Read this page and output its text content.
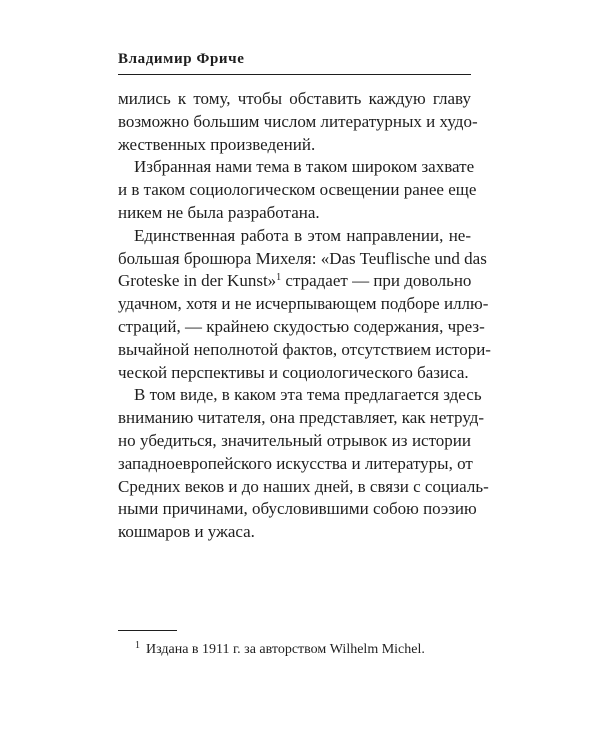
Владимир Фриче
мились к тому, чтобы обставить каждую главу
возможно большим числом литературных и худо-
жественных произведений.
Избранная нами тема в таком широком захвате
и в таком социологическом освещении ранее еще
никем не была разработана.
Единственная работа в этом направлении, не-
большая брошюра Михеля: «Das Teuflische und das
Groteske in der Kunst»$^1$ страдает — при довольно
удачном, хотя и не исчерпывающем подборе иллю-
страций, — крайнею скудостью содержания, чрез-
вычайной неполнотой фактов, отсутствием истори-
ческой перспективы и социологического базиса.
В том виде, в каком эта тема предлагается здесь
вниманию читателя, она представляет, как нетруд-
но убедиться, значительный отрывок из истории
западноевропейского искусства и литературы, от
Средних веков и до наших дней, в связи с социаль-
ными причинами, обусловившими собою поэзию
кошмаров и ужаса.
$^1$ Издана в 1911 г. за авторством Wilhelm Michel.
